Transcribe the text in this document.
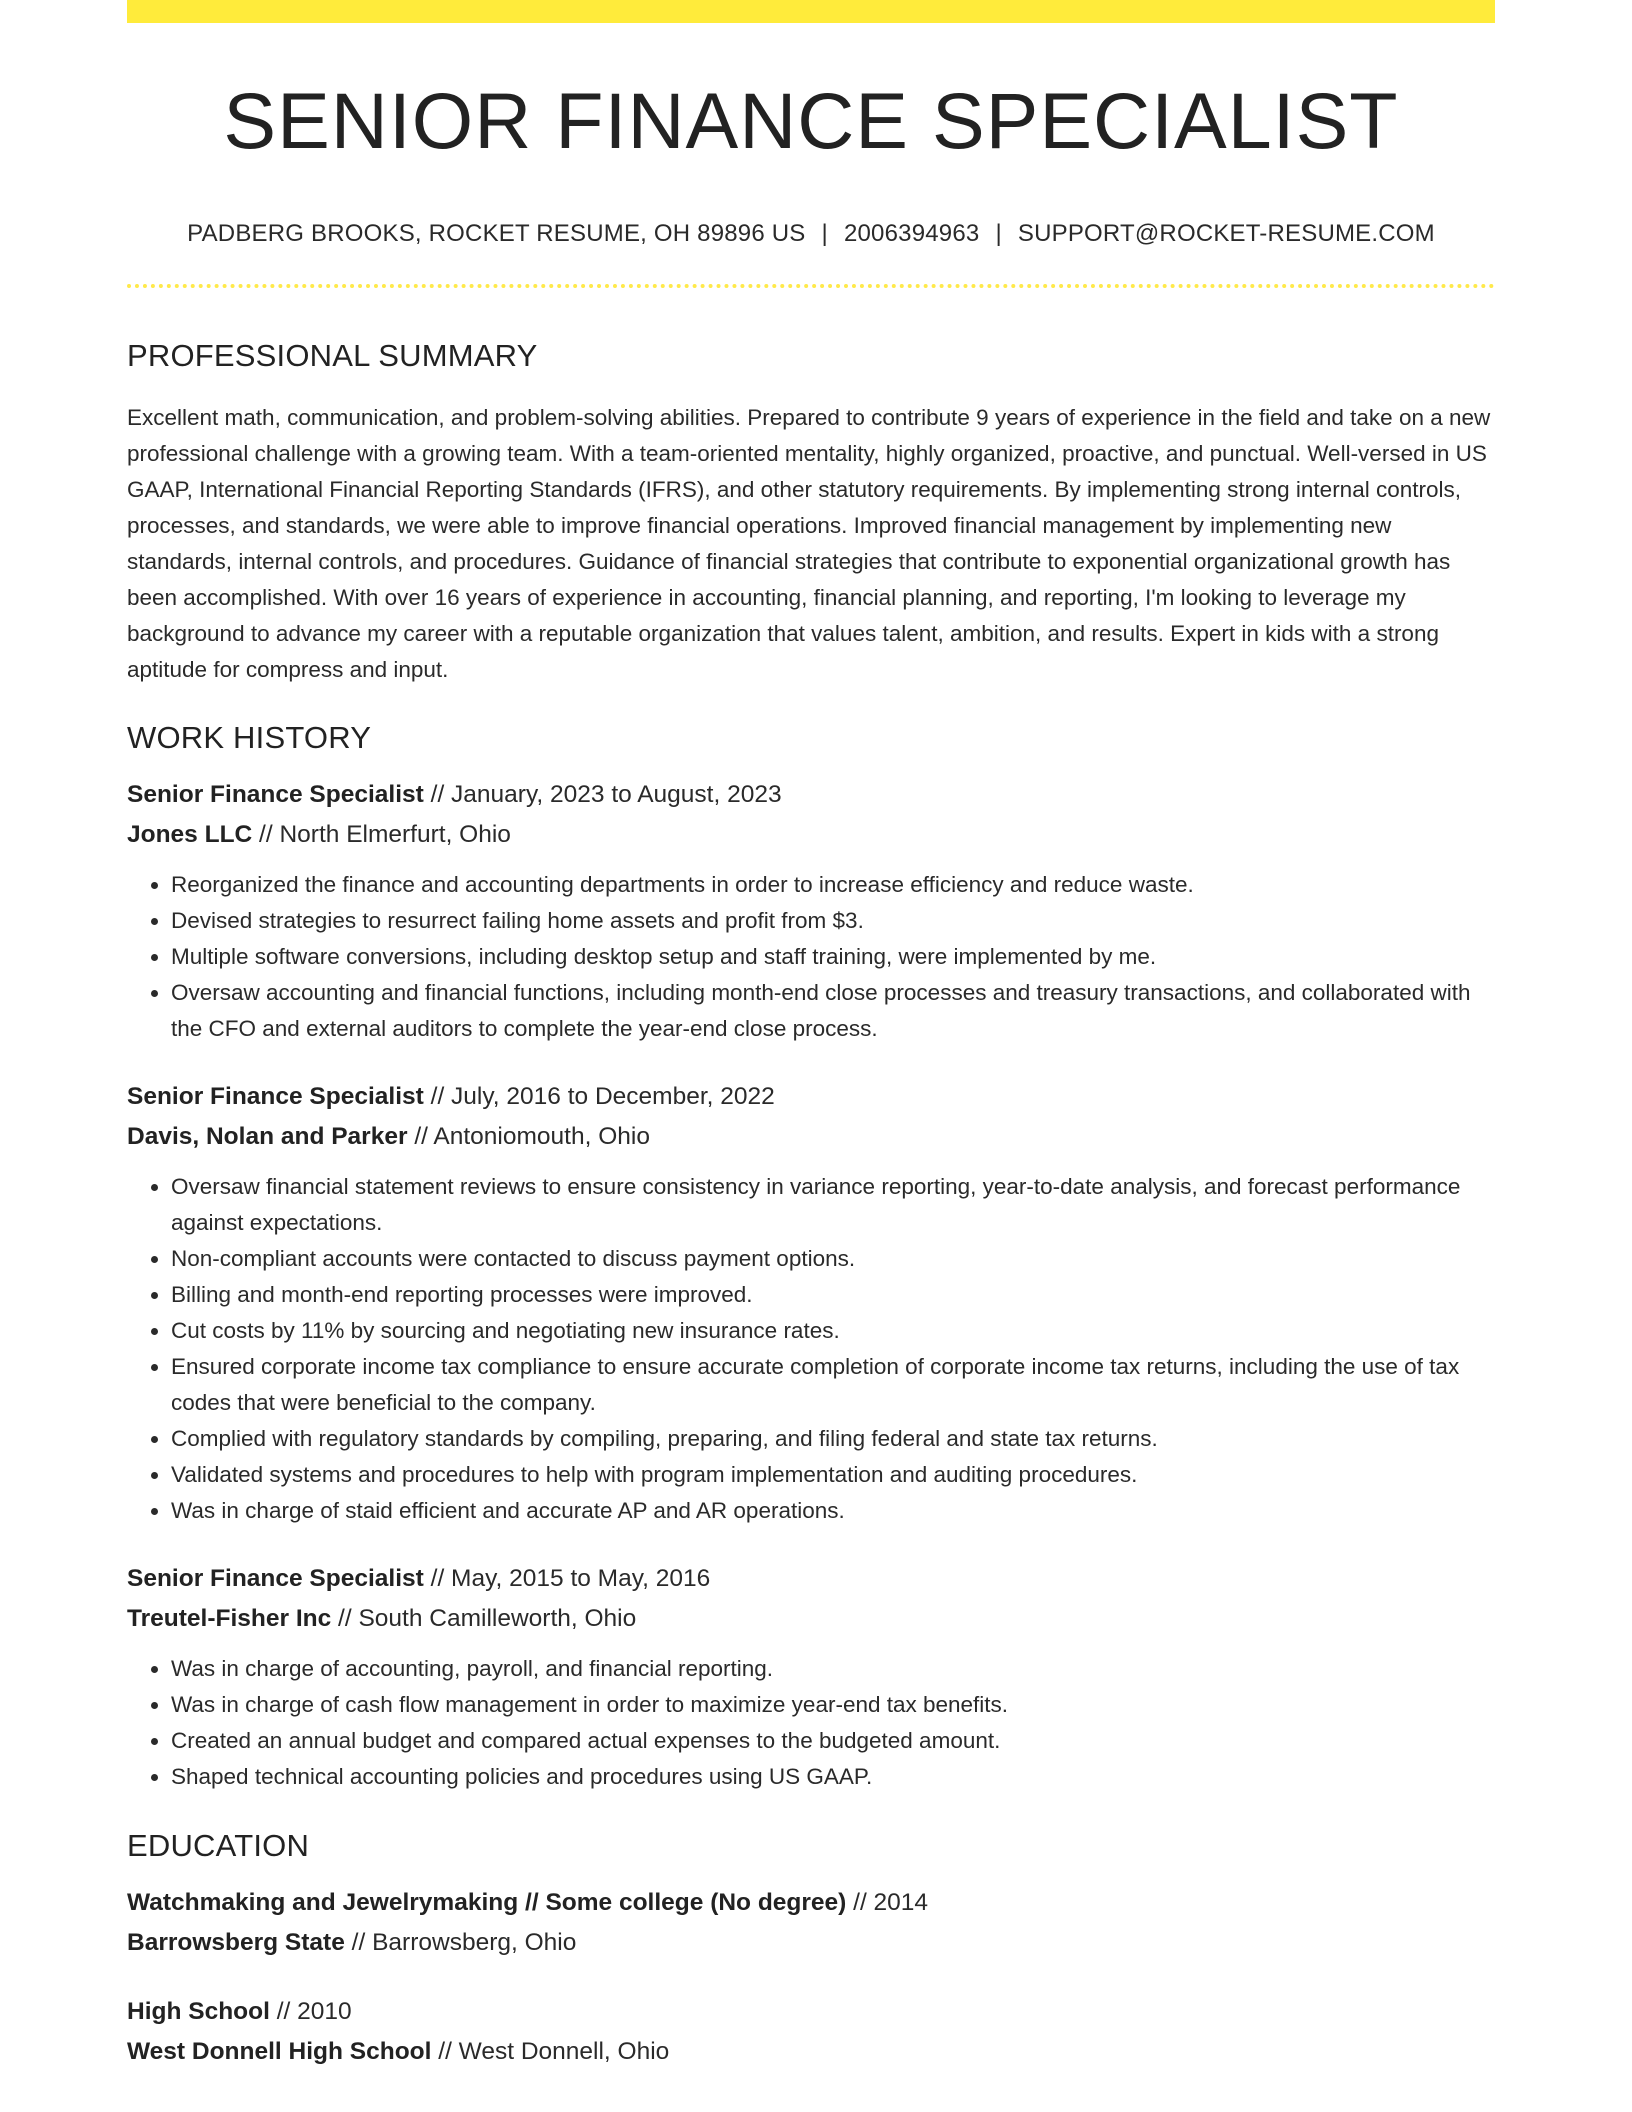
SENIOR FINANCE SPECIALIST
PADBERG BROOKS, ROCKET RESUME, OH 89896 US | 2006394963 | SUPPORT@ROCKET-RESUME.COM
PROFESSIONAL SUMMARY

Excellent math, communication, and problem-solving abilities. Prepared to contribute 9 years of experience in the field and take on a new professional challenge with a growing team. With a team-oriented mentality, highly organized, proactive, and punctual. Well-versed in US GAAP, International Financial Reporting Standards (IFRS), and other statutory requirements. By implementing strong internal controls, processes, and standards, we were able to improve financial operations. Improved financial management by implementing new standards, internal controls, and procedures. Guidance of financial strategies that contribute to exponential organizational growth has been accomplished. With over 16 years of experience in accounting, financial planning, and reporting, I'm looking to leverage my background to advance my career with a reputable organization that values talent, ambition, and results. Expert in kids with a strong aptitude for compress and input.

WORK HISTORY
Senior Finance Specialist // January, 2023 to August, 2023
Jones LLC // North Elmerfurt, Ohio
• Reorganized the finance and accounting departments in order to increase efficiency and reduce waste.
• Devised strategies to resurrect failing home assets and profit from $3.
• Multiple software conversions, including desktop setup and staff training, were implemented by me.
• Oversaw accounting and financial functions, including month-end close processes and treasury transactions, and collaborated with the CFO and external auditors to complete the year-end close process.
Senior Finance Specialist // July, 2016 to December, 2022
Davis, Nolan and Parker // Antoniomouth, Ohio
• Oversaw financial statement reviews to ensure consistency in variance reporting, year-to-date analysis, and forecast performance against expectations.
• Non-compliant accounts were contacted to discuss payment options.
• Billing and month-end reporting processes were improved.
• Cut costs by 11% by sourcing and negotiating new insurance rates.
• Ensured corporate income tax compliance to ensure accurate completion of corporate income tax returns, including the use of tax codes that were beneficial to the company.
• Complied with regulatory standards by compiling, preparing, and filing federal and state tax returns.
• Validated systems and procedures to help with program implementation and auditing procedures.
• Was in charge of staid efficient and accurate AP and AR operations.
Senior Finance Specialist // May, 2015 to May, 2016
Treutel-Fisher Inc // South Camilleworth, Ohio
• Was in charge of accounting, payroll, and financial reporting.
• Was in charge of cash flow management in order to maximize year-end tax benefits.
• Created an annual budget and compared actual expenses to the budgeted amount.
• Shaped technical accounting policies and procedures using US GAAP.
EDUCATION
Watchmaking and Jewelrymaking // Some college (No degree) // 2014
Barrowsberg State // Barrowsberg, Ohio
High School // 2010
West Donnell High School // West Donnell, Ohio
